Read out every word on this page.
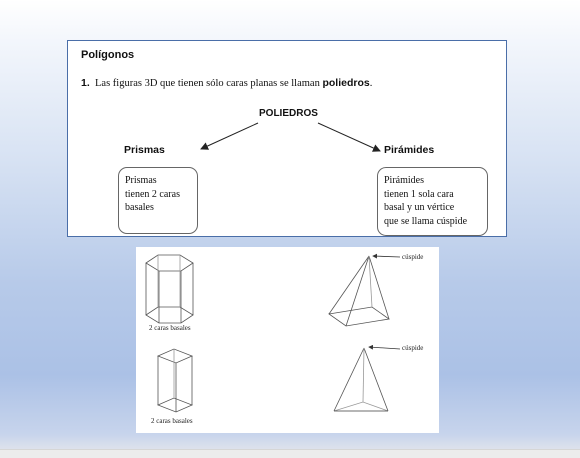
Polígonos
1. Las figuras 3D que tienen sólo caras planas se llaman poliedros.
POLIEDROS
Prismas	Pirámides
Prismas
tienen 2 caras
basales
Pirámides
tienen 1 sola cara
basal y un vértice
que se llama cúspide
2 caras basales
2 caras basales
cúspide
cúspide
